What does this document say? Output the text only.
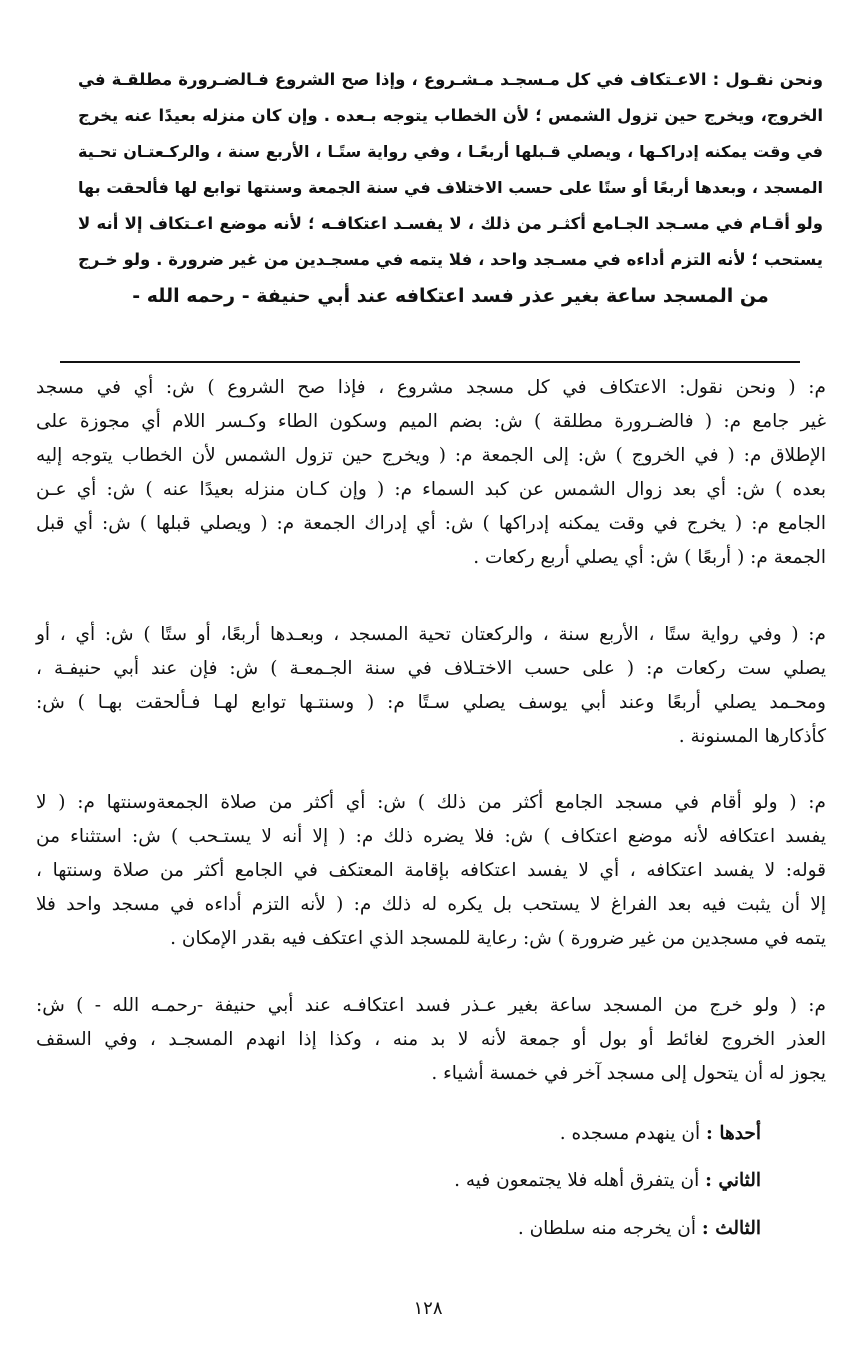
ونحن نقـول : الاعـتكاف في كل مـسجـد مـشـروع ، وإذا صح الشروع فـالضـرورة مطلقـة في
الخروج، ويخرج حين تزول الشمس ؛ لأن الخطاب يتوجه بـعده . وإن كان منزله بعيدًا عنه يخرج
في وقت يمكنه إدراكـها ، ويصلي قـبلها أربعًـا ، وفي رواية ستًـا ، الأربع سنة ، والركـعتـان تحـية
المسجد ، وبعدها أربعًا أو ستًا على حسب الاختلاف في سنة الجمعة وسنتها توابع لها فألحقت بها
ولو أقـام في مسـجد الجـامع أكثـر من ذلك ، لا يفسـد اعتكافـه ؛ لأنه موضع اعـتكاف إلا أنه لا
يستحب ؛ لأنه التزم أداءه في مسـجد واحد ، فلا يتمه في مسجـدين من غير ضرورة . ولو خـرج
من المسجد ساعة بغير عذر فسد اعتكافه عند أبي حنيفة - رحمه الله -
م: ( ونحن نقول: الاعتكاف في كل مسجد مشروع ، فإذا صح الشروع ) ش: أي في مسجد
غير جامع م: ( فالضـرورة مطلقة ) ش: بضم الميم وسكون الطاء وكـسر اللام أي مجوزة على
الإطلاق م: ( في الخروج ) ش: إلى الجمعة م: ( ويخرج حين تزول الشمس لأن الخطاب يتوجه إليه
بعده ) ش: أي بعد زوال الشمس عن كبد السماء م: ( وإن كـان منزله بعيدًا عنه ) ش: أي عـن
الجامع م: ( يخرج في وقت يمكنه إدراكها ) ش: أي إدراك الجمعة م: ( ويصلي قبلها ) ش: أي قبل
الجمعة م: ( أربعًا ) ش: أي يصلي أربع ركعات .
م: ( وفي رواية ستًا ، الأربع سنة ، والركعتان تحية المسجد ، وبعـدها أربعًا، أو ستًا ) ش: أي ، أو
يصلي ست ركعات م: ( على حسب الاختـلاف في سنة الجـمعـة ) ش: فإن عند أبي حنيفـة ،
ومحـمد يصلي أربعًا وعند أبي يوسف يصلي سـتًا م: ( وسنتـها توابع لهـا فـألحقت بهـا ) ش:
كأذكارها المسنونة .
م: ( ولو أقام في مسجد الجامع أكثر من ذلك ) ش: أي أكثر من صلاة الجمعةوسنتها م: ( لا
يفسد اعتكافه لأنه موضع اعتكاف ) ش: فلا يضره ذلك م: ( إلا أنه لا يستـحب ) ش: استثناء من
قوله: لا يفسد اعتكافه ، أي لا يفسد اعتكافه بإقامة المعتكف في الجامع أكثر من صلاة وسنتها ،
إلا أن يثبت فيه بعد الفراغ لا يستحب بل يكره له ذلك م: ( لأنه التزم أداءه في مسجد واحد فلا
يتمه في مسجدين من غير ضرورة ) ش: رعاية للمسجد الذي اعتكف فيه بقدر الإمكان .
م: ( ولو خرج من المسجد ساعة بغير عـذر فسد اعتكافـه عند أبي حنيفة -رحمـه الله - ) ش:
العذر الخروج لغائط أو بول أو جمعة لأنه لا بد منه ، وكذا إذا انهدم المسجـد ، وفي السقف
يجوز له أن يتحول إلى مسجد آخر في خمسة أشياء .
أحدها : أن ينهدم مسجده .
الثاني : أن يتفرق أهله فلا يجتمعون فيه .
الثالث : أن يخرجه منه سلطان .
١٢٨
